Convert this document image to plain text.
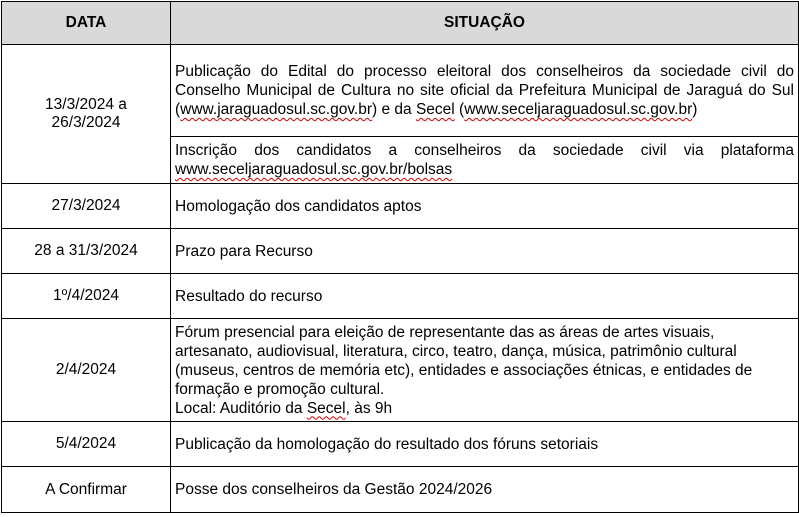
DATA	SITUAÇÃO

13/3/2024 a
26/3/2024	Publicação do Edital do processo eleitoral dos conselheiros da sociedade civil do Conselho Municipal de Cultura no site oficial da Prefeitura Municipal de Jaraguá do Sul (www.jaraguadosul.sc.gov.br) e da Secel (www.seceljaraguadosul.sc.gov.br)
	Inscrição dos candidatos a conselheiros da sociedade civil via plataforma www.seceljaraguadosul.sc.gov.br/bolsas
27/3/2024	Homologação dos candidatos aptos
28 a 31/3/2024	Prazo para Recurso
1º/4/2024	Resultado do recurso
2/4/2024	Fórum presencial para eleição de representante das as áreas de artes visuais, artesanato, audiovisual, literatura, circo, teatro, dança, música, patrimônio cultural (museus, centros de memória etc), entidades e associações étnicas, e entidades de formação e promoção cultural.
Local: Auditório da Secel, às 9h

5/4/2024	Publicação da homologação do resultado dos fóruns setoriais
A Confirmar	Posse dos conselheiros da Gestão 2024/2026
